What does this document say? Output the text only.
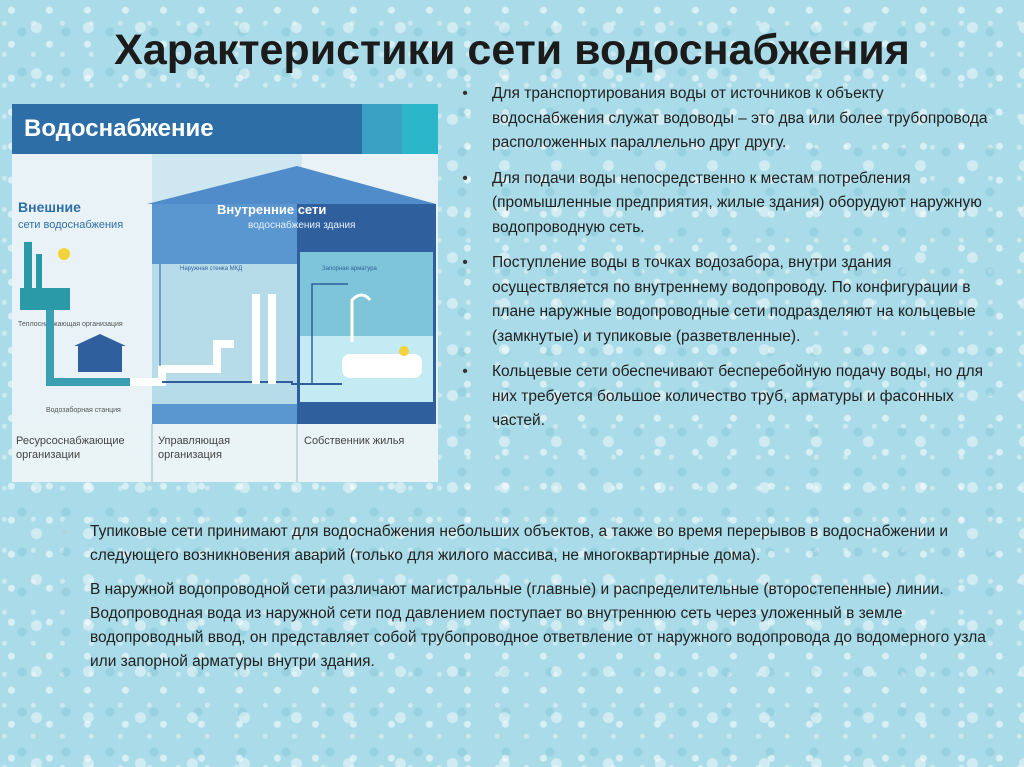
Характеристики сети водоснабжения
Водоснабжение
Внешние
сети водоснабжения
Внутренние сети
водоснабжения здания
Теплоснабжающая организация
Водозаборная станция
Наружная стенка МКД	Запорная арматура
Ресурсоснабжающие организации
Управляющая организация
Собственник жилья
• Для транспортирования воды от источников к объекту водоснабжения служат водоводы – это два или более трубопровода расположенных параллельно друг другу.
• Для подачи воды непосредственно к местам потребления (промышленные предприятия, жилые здания) оборудуют наружную водопроводную сеть.
• Поступление воды в точках водозабора, внутри здания осуществляется по внутреннему водопроводу. По конфигурации в плане наружные водопроводные сети подразделяют на кольцевые (замкнутые) и тупиковые (разветвленные).
• Кольцевые сети обеспечивают бесперебойную подачу воды, но для них требуется большое количество труб, арматуры и фасонных частей.
◦ Тупиковые сети принимают для водоснабжения небольших объектов, а также во время перерывов в водоснабжении и следующего возникновения аварий (только для жилого массива, не многоквартирные дома).
◦ В наружной водопроводной сети различают магистральные (главные) и распределительные (второстепенные) линии. Водопроводная вода из наружной сети под давлением поступает во внутреннюю сеть через уложенный в земле водопроводный ввод, он представляет собой трубопроводное ответвление от наружного водопровода до водомерного узла или запорной арматуры внутри здания.
